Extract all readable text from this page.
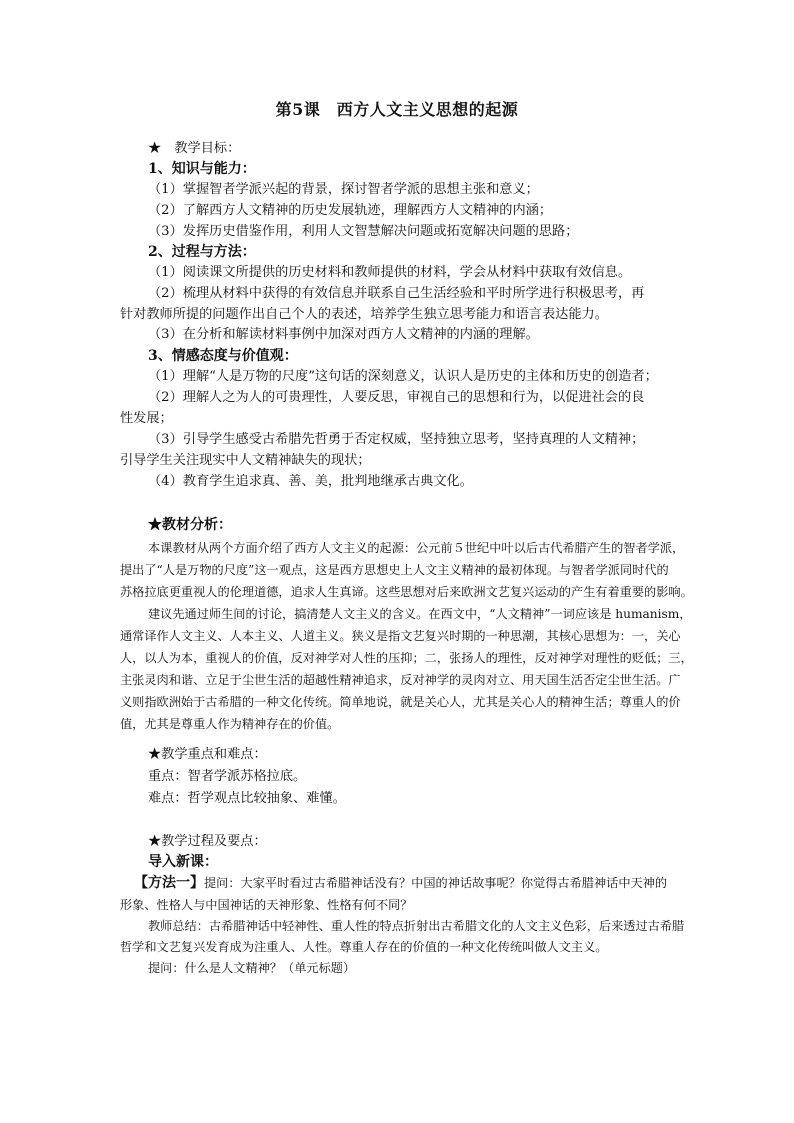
第5课　西方人文主义思想的起源
★　教学目标：
1、知识与能力：
（1）掌握智者学派兴起的背景，探讨智者学派的思想主张和意义；
（2）了解西方人文精神的历史发展轨迹，理解西方人文精神的内涵；
（3）发挥历史借鉴作用，利用人文智慧解决问题或拓宽解决问题的思路；
2、过程与方法：
（1）阅读课文所提供的历史材料和教师提供的材料，学会从材料中获取有效信息。
（2）梳理从材料中获得的有效信息并联系自己生活经验和平时所学进行积极思考，再
针对教师所提的问题作出自己个人的表述，培养学生独立思考能力和语言表达能力。
（3）在分析和解读材料事例中加深对西方人文精神的内涵的理解。
3、情感态度与价值观：
（1）理解“人是万物的尺度”这句话的深刻意义，认识人是历史的主体和历史的创造者；
（2）理解人之为人的可贵理性，人要反思，审视自己的思想和行为，以促进社会的良
性发展；
（3）引导学生感受古希腊先哲勇于否定权威，坚持独立思考，坚持真理的人文精神；
引导学生关注现实中人文精神缺失的现状；
（4）教育学生追求真、善、美，批判地继承古典文化。
★教材分析：
本课教材从两个方面介绍了西方人文主义的起源：公元前５世纪中叶以后古代希腊产生的智者学派，
提出了“人是万物的尺度”这一观点，这是西方思想史上人文主义精神的最初体现。与智者学派同时代的
苏格拉底更重视人的伦理道德，追求人生真谛。这些思想对后来欧洲文艺复兴运动的产生有着重要的影响。
建议先通过师生间的讨论，搞清楚人文主义的含义。在西文中，“人文精神”一词应该是 humanism，
通常译作人文主义、人本主义、人道主义。狭义是指文艺复兴时期的一种思潮，其核心思想为：一，关心
人，以人为本，重视人的价值，反对神学对人性的压抑；二，张扬人的理性，反对神学对理性的贬低；三，
主张灵肉和谐、立足于尘世生活的超越性精神追求，反对神学的灵肉对立、用天国生活否定尘世生活。广
义则指欧洲始于古希腊的一种文化传统。简单地说，就是关心人，尤其是关心人的精神生活；尊重人的价
值，尤其是尊重人作为精神存在的价值。
★教学重点和难点：
重点：智者学派苏格拉底。
难点：哲学观点比较抽象、难懂。
★教学过程及要点：
导入新课：
【方法一】提问：大家平时看过古希腊神话没有？中国的神话故事呢？你觉得古希腊神话中天神的
形象、性格人与中国神话的天神形象、性格有何不同？
教师总结：古希腊神话中轻神性、重人性的特点折射出古希腊文化的人文主义色彩，后来透过古希腊
哲学和文艺复兴发育成为注重人、人性。尊重人存在的价值的一种文化传统叫做人文主义。
提问：什么是人文精神？（单元标题）
